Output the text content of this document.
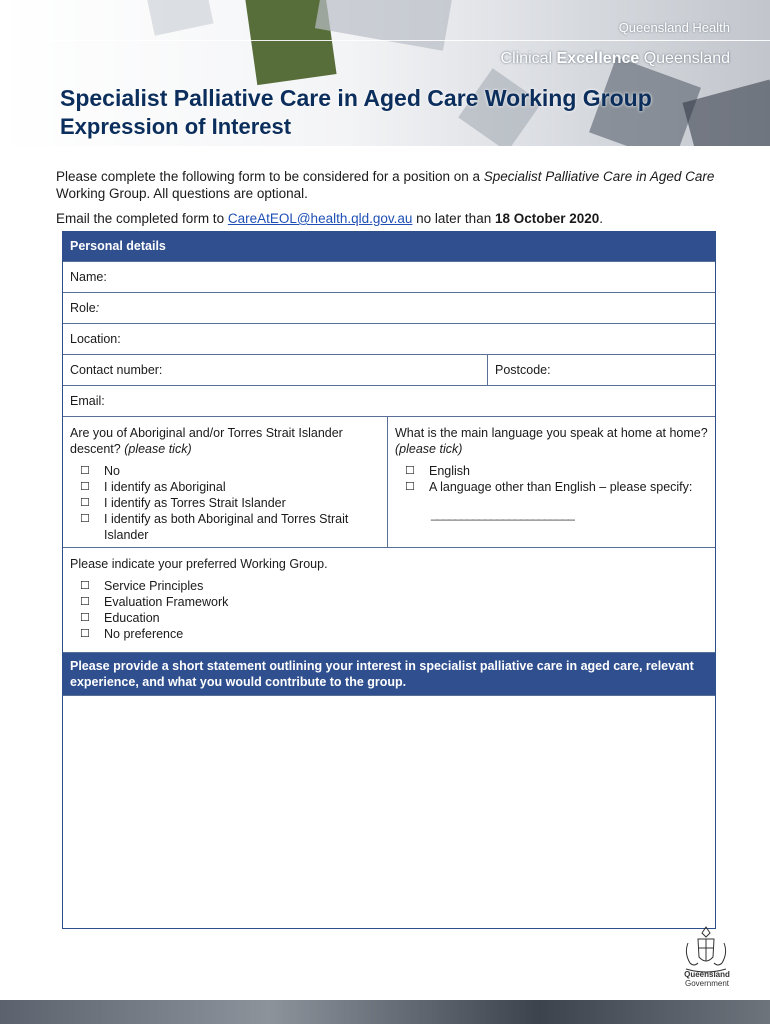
Queensland Health
Clinical Excellence Queensland
Specialist Palliative Care in Aged Care Working Group
Expression of Interest

Please complete the following form to be considered for a position on a Specialist Palliative Care in Aged Care Working Group. All questions are optional.

Email the completed form to CareAtEOL@health.qld.gov.au no later than 18 October 2020.

Personal details
Name:
Role:
Location:
Contact number:	Postcode:
Email:
Are you of Aboriginal and/or Torres Strait Islander descent? (please tick)
☐	No
☐	I identify as Aboriginal
☐	I identify as Torres Strait Islander
☐	I identify as both Aboriginal and Torres Strait Islander
What is the main language you speak at home at home? (please tick)
☐	English
☐	A language other than English – please specify:
________________________
Please indicate your preferred Working Group.
☐	Service Principles
☐	Evaluation Framework
☐	Education
☐	No preference
Please provide a short statement outlining your interest in specialist palliative care in aged care, relevant experience, and what you would contribute to the group.
Queensland
Government
